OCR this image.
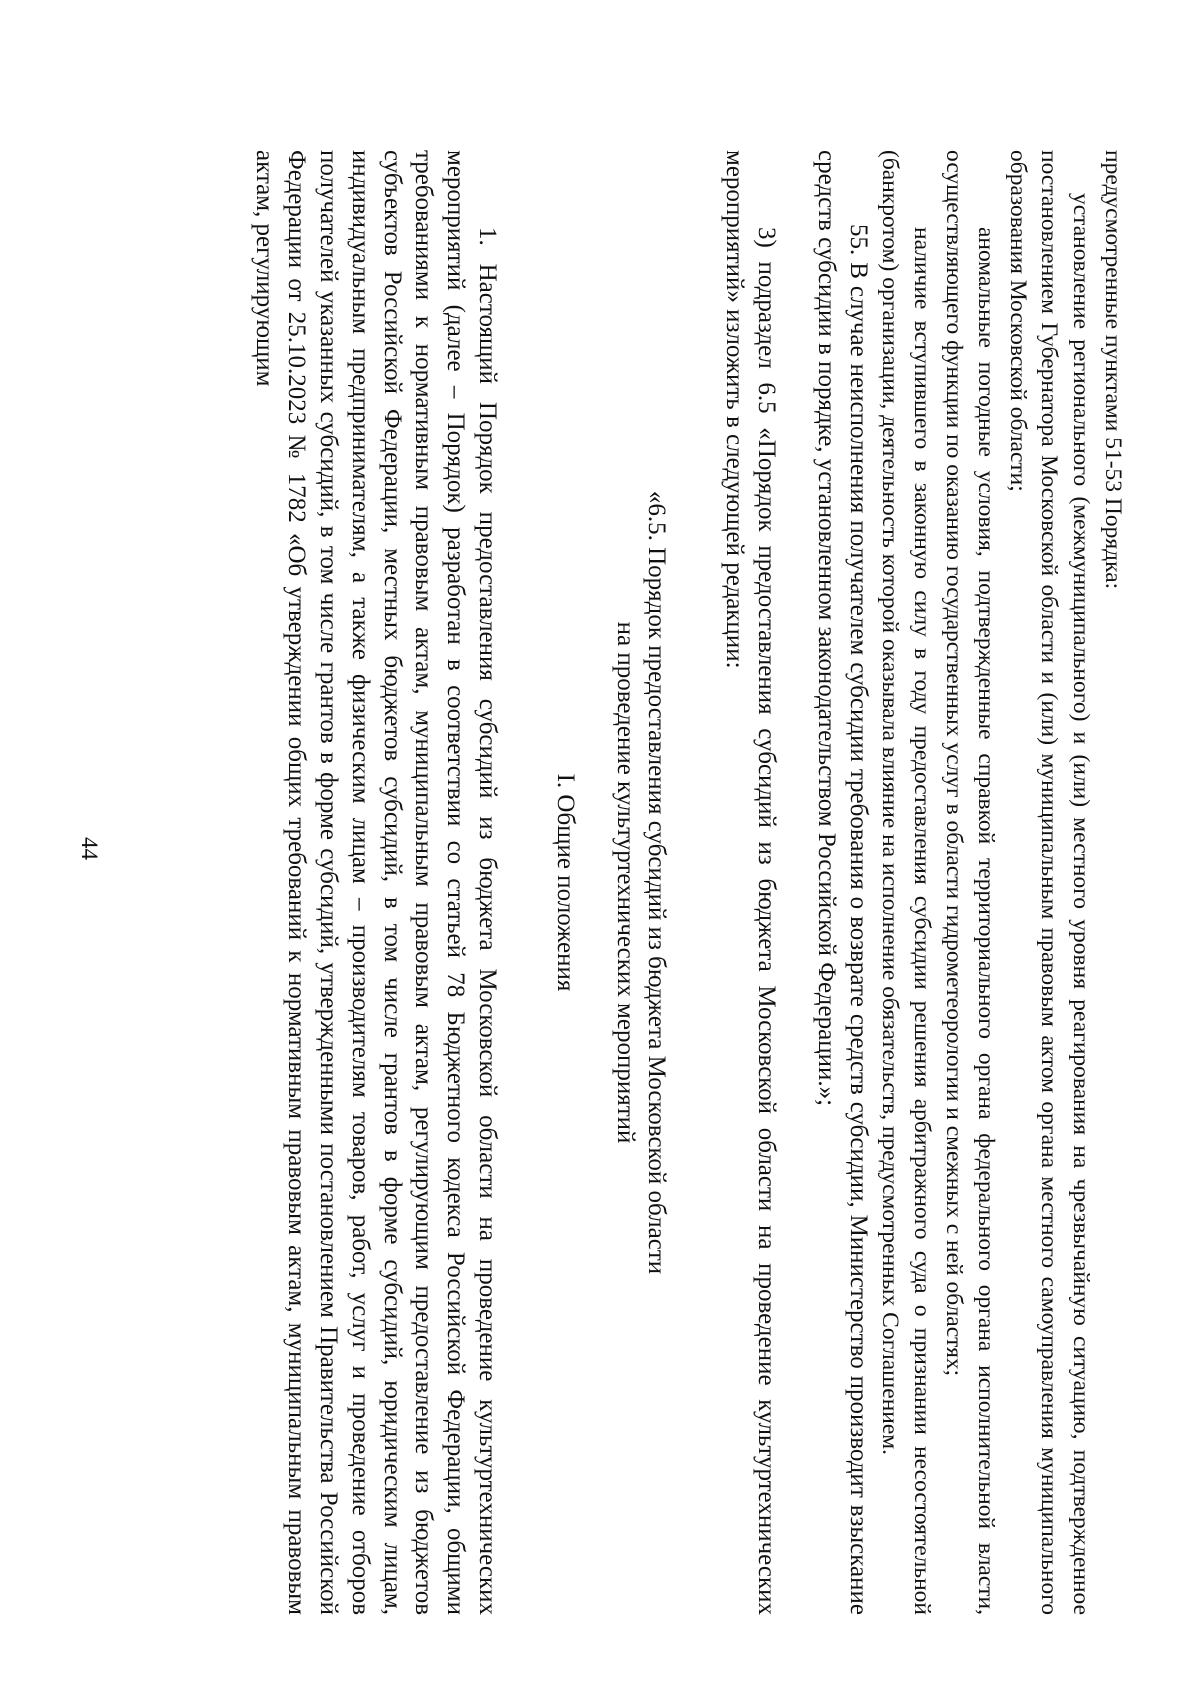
44

предусмотренные пунктами 51-53 Порядка:

установление регионального (межмуниципального) и (или) местного уровня реагирования на чрезвычайную ситуацию, подтвержденное постановлением Губернатора Московской области и (или) муниципальным правовым актом органа местного самоуправления муниципального образования Московской области;

аномальные погодные условия, подтвержденные справкой территориального органа федерального органа исполнительной власти, осуществляющего функции по оказанию государственных услуг в области гидрометеорологии и смежных с ней областях;

наличие вступившего в законную силу в году предоставления субсидии решения арбитражного суда о признании несостоятельной (банкротом) организации, деятельность которой оказывала влияние на исполнение обязательств, предусмотренных Соглашением.

55. В случае неисполнения получателем субсидии требования о возврате средств субсидии, Министерство производит взыскание средств субсидии в порядке, установленном законодательством Российской Федерации.»;

3) подраздел 6.5 «Порядок предоставления субсидий из бюджета Московской области на проведение культуртехнических мероприятий» изложить в следующей редакции:

«6.5. Порядок предоставления субсидий из бюджета Московской области на проведение культуртехнических мероприятий

I. Общие положения

1. Настоящий Порядок предоставления субсидий из бюджета Московской области на проведение культуртехнических мероприятий (далее – Порядок) разработан в соответствии со статьей 78 Бюджетного кодекса Российской Федерации, общими требованиями к нормативным правовым актам, муниципальным правовым актам, регулирующим предоставление из бюджетов субъектов Российской Федерации, местных бюджетов субсидий, в том числе грантов в форме субсидий, юридическим лицам, индивидуальным предпринимателям, а также физическим лицам – производителям товаров, работ, услуг и проведение отборов получателей указанных субсидий, в том числе грантов в форме субсидий, утвержденными постановлением Правительства Российской Федерации от 25.10.2023 № 1782 «Об утверждении общих требований к нормативным правовым актам, муниципальным правовым актам, регулирующим
